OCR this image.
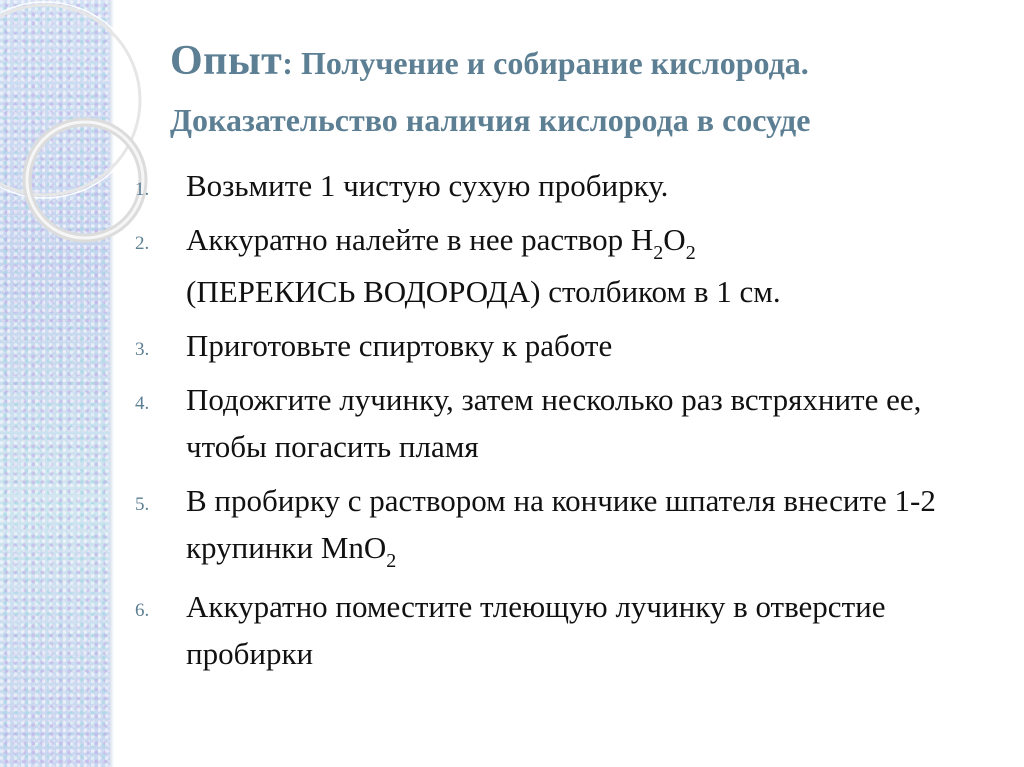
Опыт: Получение и собирание кислорода.
Доказательство наличия кислорода в сосуде
1. Возьмите 1 чистую сухую пробирку.
2. Аккуратно налейте в нее раствор $H_2O_2$
(ПЕРЕКИСЬ ВОДОРОДА) столбиком в 1 см.
3. Приготовьте спиртовку к работе
4. Подожгите лучинку, затем несколько раз встряхните ее, чтобы погасить пламя
5. В пробирку с раствором на кончике шпателя внесите 1-2 крупинки MnO$_2$
6. Аккуратно поместите тлеющую лучинку в отверстие пробирки
